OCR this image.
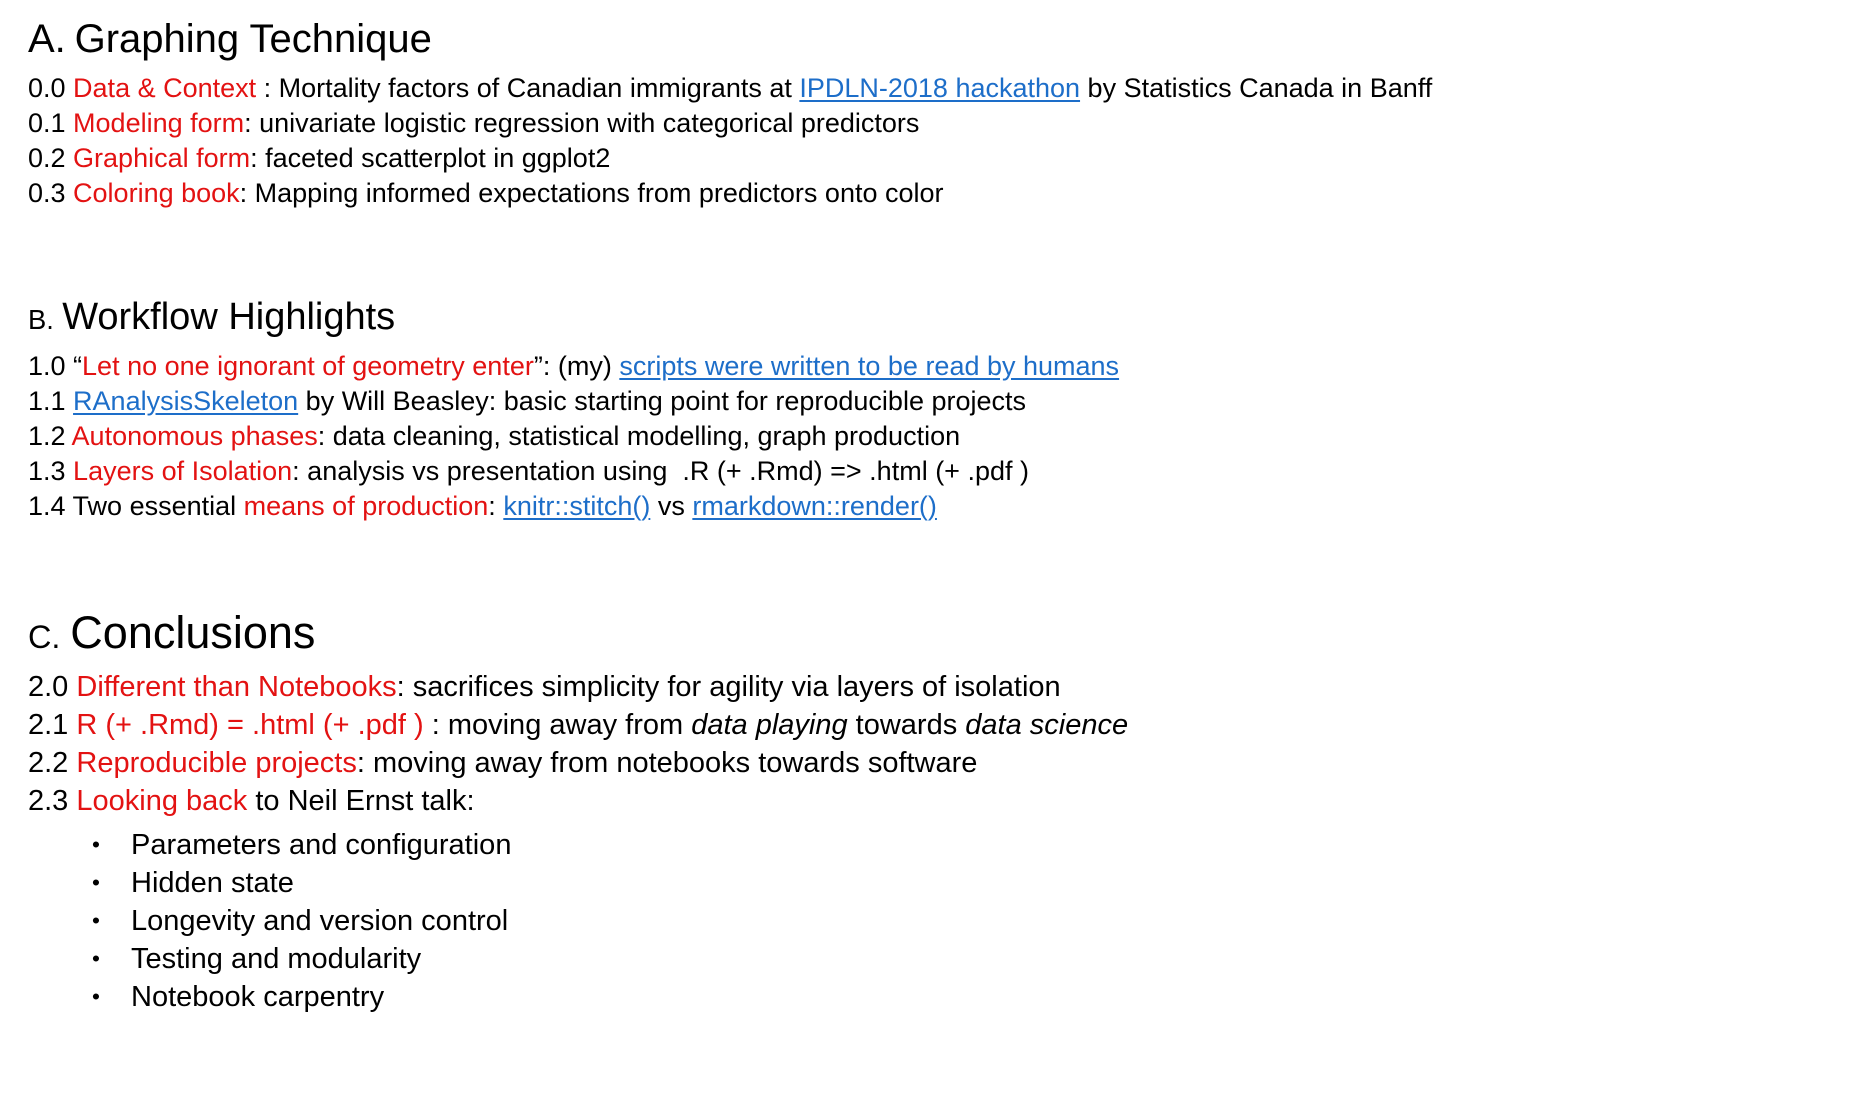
A. Graphing Technique
0.0 Data & Context : Mortality factors of Canadian immigrants at IPDLN-2018 hackathon by Statistics Canada in Banff
0.1 Modeling form: univariate logistic regression with categorical predictors
0.2 Graphical form: faceted scatterplot in ggplot2
0.3 Coloring book: Mapping informed expectations from predictors onto color
B. Workflow Highlights
1.0 “Let no one ignorant of geometry enter”: (my) scripts were written to be read by humans
1.1 RAnalysisSkeleton by Will Beasley: basic starting point for reproducible projects
1.2 Autonomous phases: data cleaning, statistical modelling, graph production
1.3 Layers of Isolation: analysis vs presentation using  .R (+ .Rmd) => .html (+ .pdf )
1.4 Two essential means of production: knitr::stitch() vs rmarkdown::render()
C. Conclusions
2.0 Different than Notebooks: sacrifices simplicity for agility via layers of isolation
2.1 R (+ .Rmd) = .html (+ .pdf ) : moving away from data playing towards data science
2.2 Reproducible projects: moving away from notebooks towards software
2.3 Looking back to Neil Ernst talk:
• Parameters and configuration
• Hidden state
• Longevity and version control
• Testing and modularity
• Notebook carpentry
